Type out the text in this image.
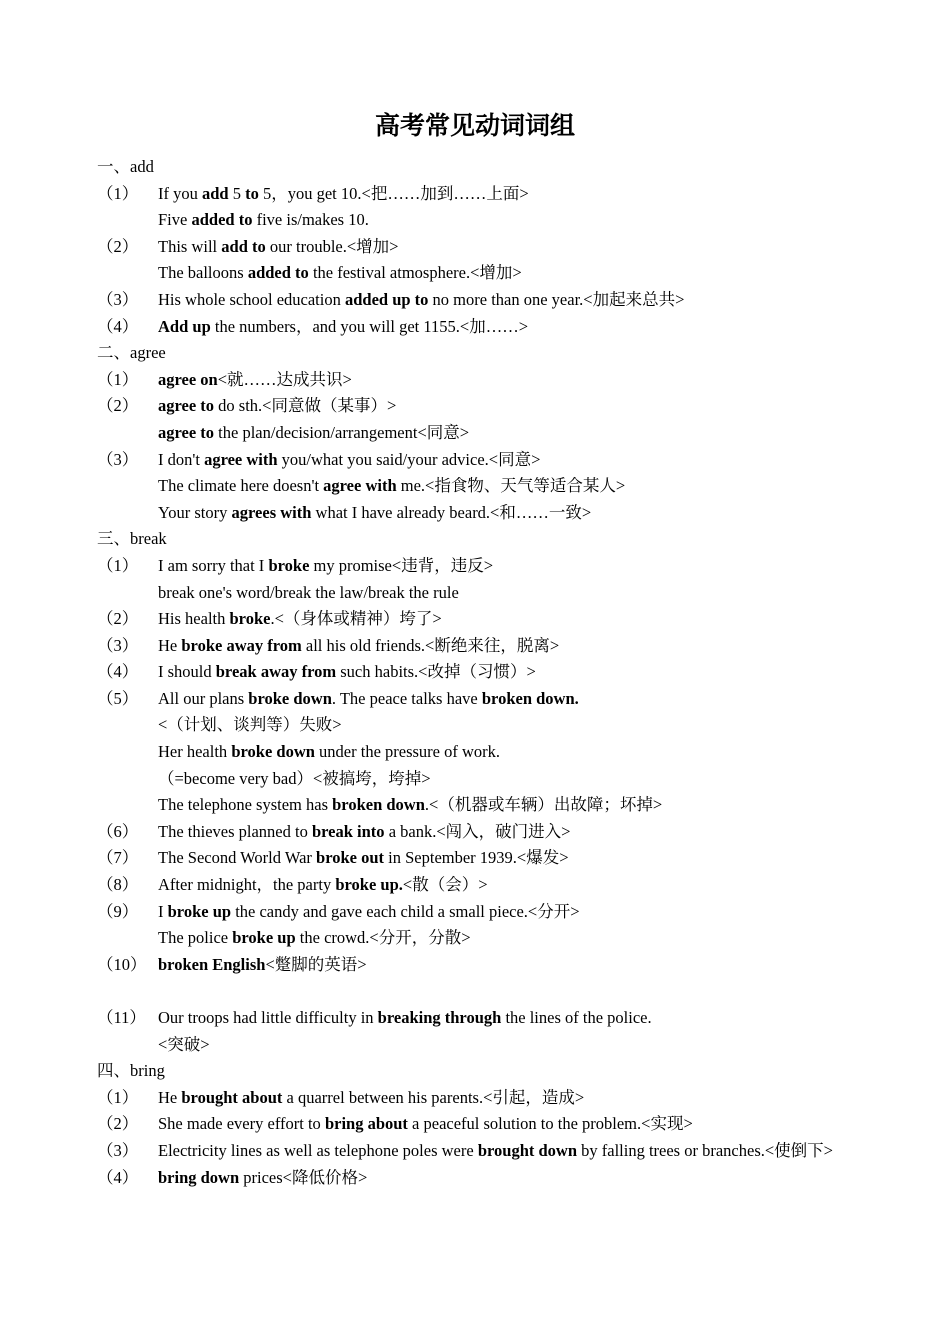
高考常见动词词组
一、add
（1）	If you add 5 to 5，you get 10.<把……加到……上面>
Five added to five is/makes 10.
（2）	This will add to our trouble.<增加>
The balloons added to the festival atmosphere.<增加>
（3）	His whole school education added up to no more than one year.<加起来总共>
（4）	Add up the numbers，and you will get 1155.<加……>
二、agree
（1）	agree on<就……达成共识>
（2）	agree to do sth.<同意做（某事）>
agree to the plan/decision/arrangement<同意>
（3）	I don't agree with you/what you said/your advice.<同意>
The climate here doesn't agree with me.<指食物、天气等适合某人>
Your story agrees with what I have already beard.<和……一致>
三、break
（1）	I am sorry that I broke my promise<违背，违反>
break one's word/break the law/break the rule
（2）	His health broke.<（身体或精神）垮了>
（3）	He broke away from all his old friends.<断绝来往，脱离>
（4）	I should break away from such habits.<改掉（习惯）>
（5）	All our plans broke down. The peace talks have broken down.
<（计划、谈判等）失败>
Her health broke down under the pressure of work.
（=become very bad）<被搞垮，垮掉>
The telephone system has broken down.<（机器或车辆）出故障；坏掉>
（6）	The thieves planned to break into a bank.<闯入，破门进入>
（7）	The Second World War broke out in September 1939.<爆发>
（8）	After midnight，the party broke up.<散（会）>
（9）	I broke up the candy and gave each child a small piece.<分开>
The police broke up the crowd.<分开，分散>
（10） broken English<蹩脚的英语>
（11） Our troops had little difficulty in breaking through the lines of the police.
<突破>
四、bring
（1）	He brought about a quarrel between his parents.<引起，造成>
（2）	She made every effort to bring about a peaceful solution to the problem.<实现>
（3）	Electricity lines as well as telephone poles were brought down by falling trees or branches.<使倒下>
（4）	bring down prices<降低价格>
